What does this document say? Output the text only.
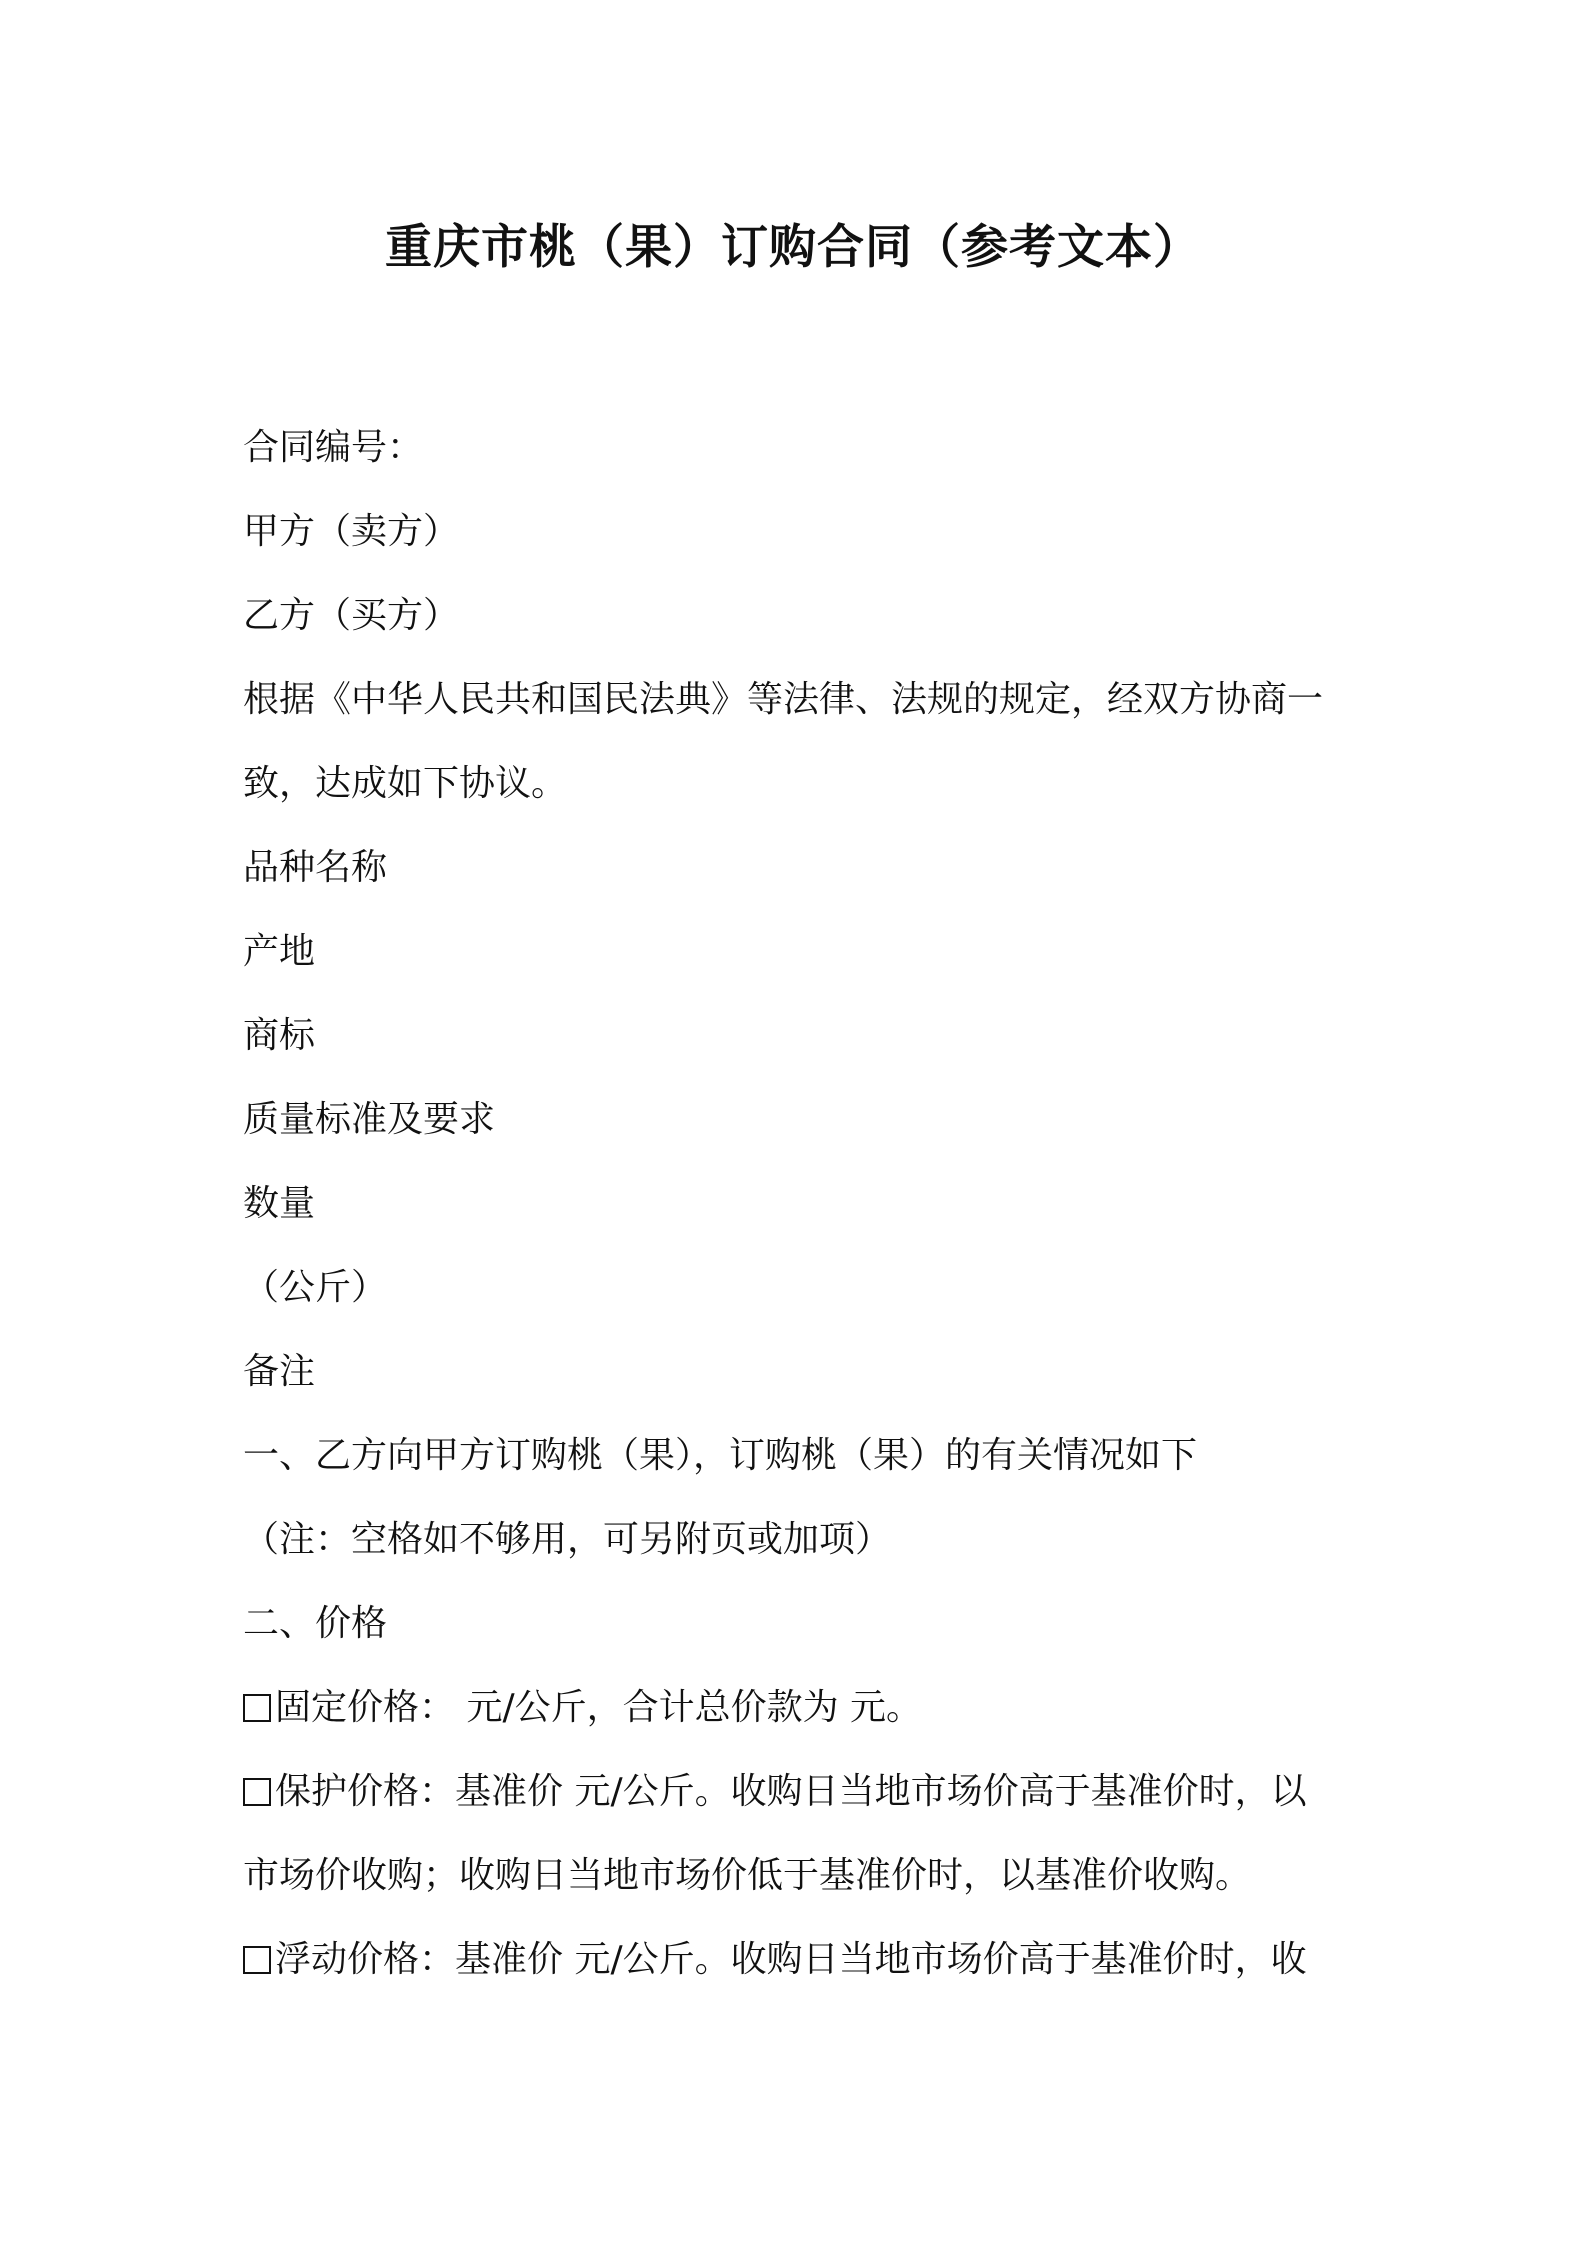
重庆市桃（果）订购合同（参考文本）
合同编号：
甲方（卖方）
乙方（买方）
根据《中华人民共和国民法典》等法律、法规的规定，经双方协商一
致，达成如下协议。
品种名称
产地
商标
质量标准及要求
数量
（公斤）
备注
一、乙方向甲方订购桃（果），订购桃（果）的有关情况如下
（注：空格如不够用，可另附页或加项）
二、价格
固定价格： 元/公斤，合计总价款为 元。
保护价格：基准价 元/公斤。收购日当地市场价高于基准价时，以
市场价收购；收购日当地市场价低于基准价时，以基准价收购。
浮动价格：基准价 元/公斤。收购日当地市场价高于基准价时，收
